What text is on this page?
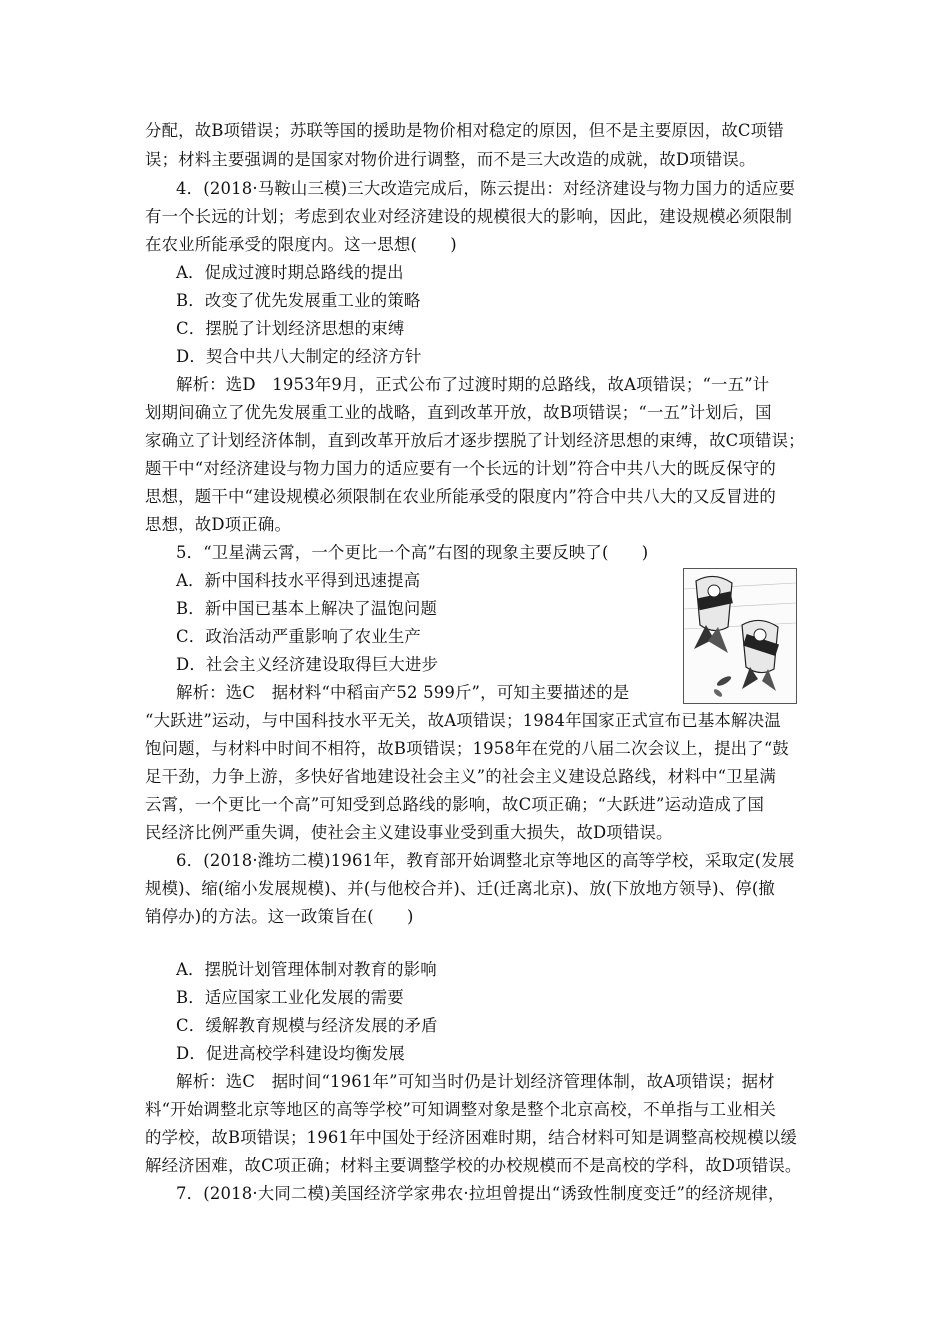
分配，故B项错误；苏联等国的援助是物价相对稳定的原因，但不是主要原因，故C项错
误；材料主要强调的是国家对物价进行调整，而不是三大改造的成就，故D项错误。
4．(2018·马鞍山三模)三大改造完成后，陈云提出：对经济建设与物力国力的适应要
有一个长远的计划；考虑到农业对经济建设的规模很大的影响，因此，建设规模必须限制
在农业所能承受的限度内。这一思想(　　)
A．促成过渡时期总路线的提出
B．改变了优先发展重工业的策略
C．摆脱了计划经济思想的束缚
D．契合中共八大制定的经济方针
解析：选D　1953年9月，正式公布了过渡时期的总路线，故A项错误；“一五”计
划期间确立了优先发展重工业的战略，直到改革开放，故B项错误；“一五”计划后，国
家确立了计划经济体制，直到改革开放后才逐步摆脱了计划经济思想的束缚，故C项错误；
题干中“对经济建设与物力国力的适应要有一个长远的计划”符合中共八大的既反保守的
思想，题干中“建设规模必须限制在农业所能承受的限度内”符合中共八大的又反冒进的
思想，故D项正确。
5．“卫星满云霄，一个更比一个高”右图的现象主要反映了(　　)
A．新中国科技水平得到迅速提高
B．新中国已基本上解决了温饱问题
C．政治活动严重影响了农业生产
D．社会主义经济建设取得巨大进步
解析：选C　据材料“中稻亩产52 599斤”，可知主要描述的是
“大跃进”运动，与中国科技水平无关，故A项错误；1984年国家正式宣布已基本解决温
饱问题，与材料中时间不相符，故B项错误；1958年在党的八届二次会议上，提出了“鼓
足干劲，力争上游，多快好省地建设社会主义”的社会主义建设总路线，材料中“卫星满
云霄，一个更比一个高”可知受到总路线的影响，故C项正确；“大跃进”运动造成了国
民经济比例严重失调，使社会主义建设事业受到重大损失，故D项错误。
6．(2018·潍坊二模)1961年，教育部开始调整北京等地区的高等学校，采取定(发展
规模)、缩(缩小发展规模)、并(与他校合并)、迁(迁离北京)、放(下放地方领导)、停(撤
销停办)的方法。这一政策旨在(　　)
A．摆脱计划管理体制对教育的影响
B．适应国家工业化发展的需要
C．缓解教育规模与经济发展的矛盾
D．促进高校学科建设均衡发展
解析：选C　据时间“1961年”可知当时仍是计划经济管理体制，故A项错误；据材
料“开始调整北京等地区的高等学校”可知调整对象是整个北京高校，不单指与工业相关
的学校，故B项错误；1961年中国处于经济困难时期，结合材料可知是调整高校规模以缓
解经济困难，故C项正确；材料主要调整学校的办校规模而不是高校的学科，故D项错误。
7．(2018·大同二模)美国经济学家弗农·拉坦曾提出“诱致性制度变迁”的经济规律，
